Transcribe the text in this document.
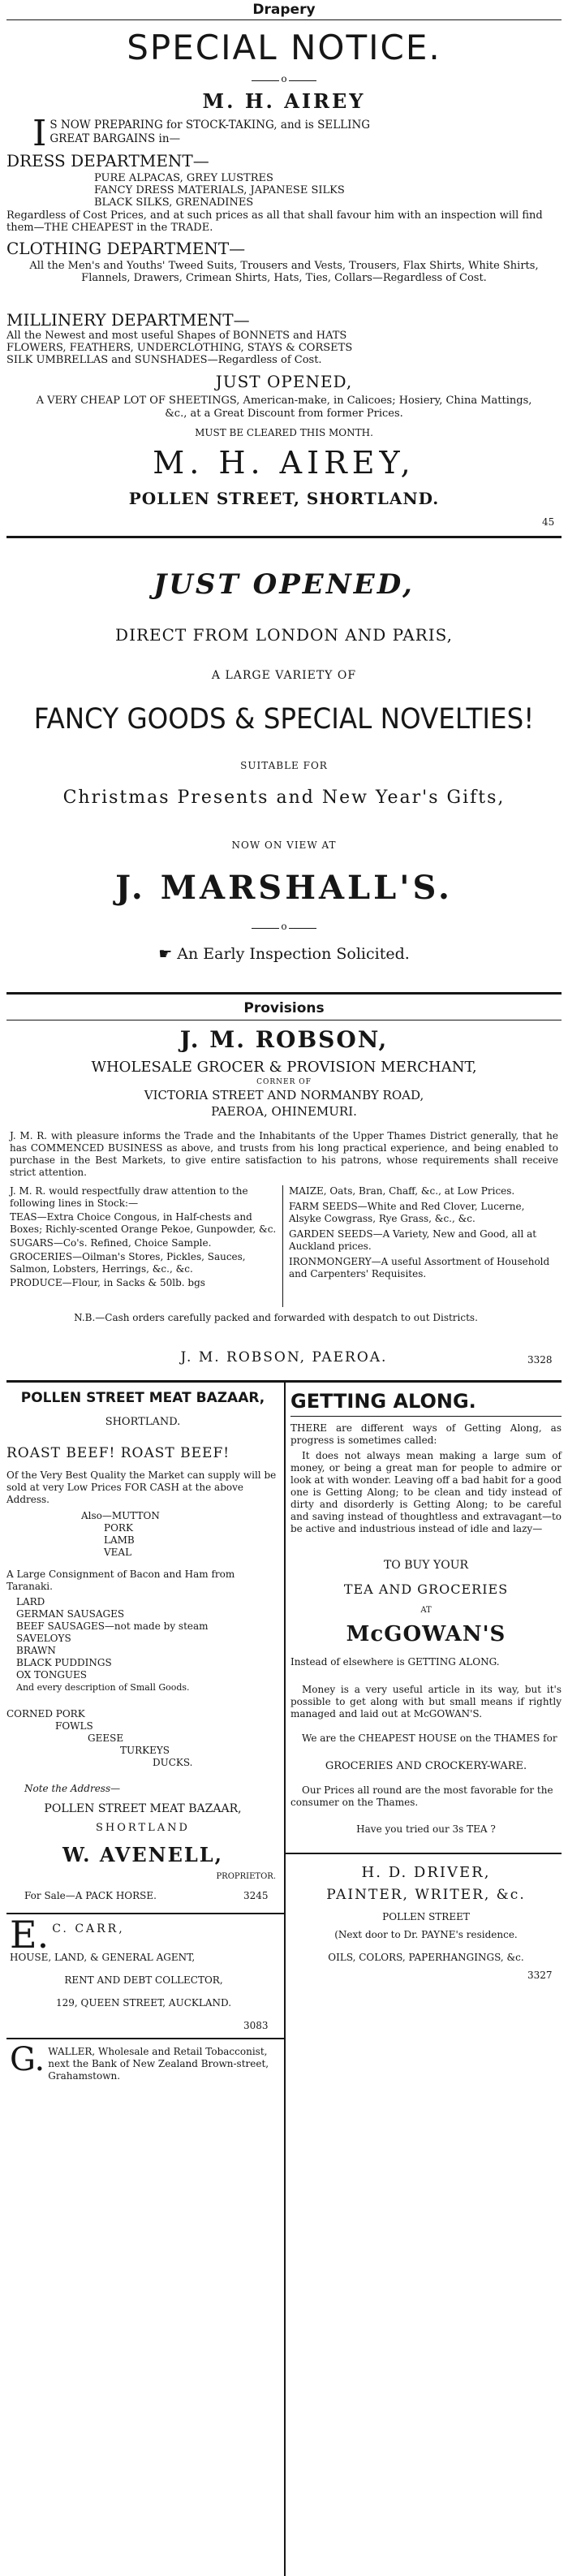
Drapery
SPECIAL NOTICE.
o
M. H. AIREY
I S NOW PREPARING for STOCK-TAKING, and is SELLING
GREAT BARGAINS in—
DRESS DEPARTMENT—
PURE ALPACAS, GREY LUSTRES
FANCY DRESS MATERIALS, JAPANESE SILKS
BLACK SILKS, GRENADINES
Regardless of Cost Prices, and at such prices as all that shall favour him with an inspection will find them—THE CHEAPEST in the TRADE.
CLOTHING DEPARTMENT—
All the Men's and Youths' Tweed Suits, Trousers and Vests, Trousers, Flax Shirts, White Shirts, Flannels, Drawers, Crimean Shirts, Hats, Ties, Collars—Regardless of Cost.
MILLINERY DEPARTMENT—
All the Newest and most useful Shapes of BONNETS and HATS
FLOWERS, FEATHERS, UNDERCLOTHING, STAYS & CORSETS
SILK UMBRELLAS and SUNSHADES—Regardless of Cost.
JUST OPENED,
A VERY CHEAP LOT OF SHEETINGS, American-make, in Calicoes; Hosiery, China Mattings, &c., at a Great Discount from former Prices.
MUST BE CLEARED THIS MONTH.
M. H. AIREY,
POLLEN STREET, SHORTLAND.
45
JUST OPENED,
DIRECT FROM LONDON AND PARIS,
A LARGE VARIETY OF
FANCY GOODS & SPECIAL NOVELTIES!
SUITABLE FOR
Christmas Presents and New Year's Gifts,
NOW ON VIEW AT
J. MARSHALL'S.
o
☛ An Early Inspection Solicited.
Provisions
J. M. ROBSON,
WHOLESALE GROCER & PROVISION MERCHANT,
CORNER OF
VICTORIA STREET AND NORMANBY ROAD,
PAEROA, OHINEMURI.
J. M. R. with pleasure informs the Trade and the Inhabitants of the Upper Thames District generally, that he has COMMENCED BUSINESS as above, and trusts from his long practical experience, and being enabled to purchase in the Best Markets, to give entire satisfaction to his patrons, whose requirements shall receive strict attention.
J. M. R. would respectfully draw attention to the following lines in Stock:—
TEAS—Extra Choice Congous, in Half-chests and Boxes; Richly-scented Orange Pekoe, Gunpowder, &c.
SUGARS—Co's. Refined, Choice Sample.
GROCERIES—Oilman's Stores, Pickles, Sauces, Salmon, Lobsters, Herrings, &c., &c.
PRODUCE—Flour, in Sacks & 50lb. bgs
MAIZE, Oats, Bran, Chaff, &c., at Low Prices.
FARM SEEDS—White and Red Clover, Lucerne, Alsyke Cowgrass, Rye Grass, &c., &c.
GARDEN SEEDS—A Variety, New and Good, all at Auckland prices.
IRONMONGERY—A useful Assortment of Household and Carpenters' Requisites.
N.B.—Cash orders carefully packed and forwarded with despatch to out Districts.
J. M. ROBSON, PAEROA.	3328
POLLEN STREET MEAT BAZAAR,
SHORTLAND.
ROAST BEEF! ROAST BEEF!
Of the Very Best Quality the Market can supply will be sold at very Low Prices FOR CASH at the above Address.
Also—MUTTON
PORK
LAMB
VEAL
A Large Consignment of Bacon and Ham from Taranaki.
LARD
GERMAN SAUSAGES
BEEF SAUSAGES—not made by steam
SAVELOYS
BRAWN
BLACK PUDDINGS
OX TONGUES
And every description of Small Goods.
CORNED PORK
FOWLS
GEESE
TURKEYS
DUCKS.
Note the Address—
POLLEN STREET MEAT BAZAAR,
SHORTLAND
W. AVENELL,
PROPRIETOR.
For Sale—A PACK HORSE.	3245
E. C. CARR,
HOUSE, LAND, & GENERAL AGENT,
RENT AND DEBT COLLECTOR,
129, QUEEN STREET, AUCKLAND.
3083
G. WALLER, Wholesale and Retail Tobacconist, next the Bank of New Zealand Brown-street, Grahamstown.
GETTING ALONG.
THERE are different ways of Getting Along, as progress is sometimes called:
It does not always mean making a large sum of money, or being a great man for people to admire or look at with wonder. Leaving off a bad habit for a good one is Getting Along; to be clean and tidy instead of dirty and disorderly is Getting Along; to be careful and saving instead of thoughtless and extravagant—to be active and industrious instead of idle and lazy—
TO BUY YOUR
TEA AND GROCERIES
AT
McGOWAN'S
Instead of elsewhere is GETTING ALONG.
Money is a very useful article in its way, but it's possible to get along with but small means if rightly managed and laid out at McGOWAN'S.
We are the CHEAPEST HOUSE on the THAMES for
GROCERIES AND CROCKERY-WARE.
Our Prices all round are the most favorable for the consumer on the Thames.
Have you tried our 3s TEA ?
H. D. DRIVER,
PAINTER, WRITER, &c.
POLLEN STREET
(Next door to Dr. PAYNE's residence.
OILS, COLORS, PAPERHANGINGS, &c.
3327
